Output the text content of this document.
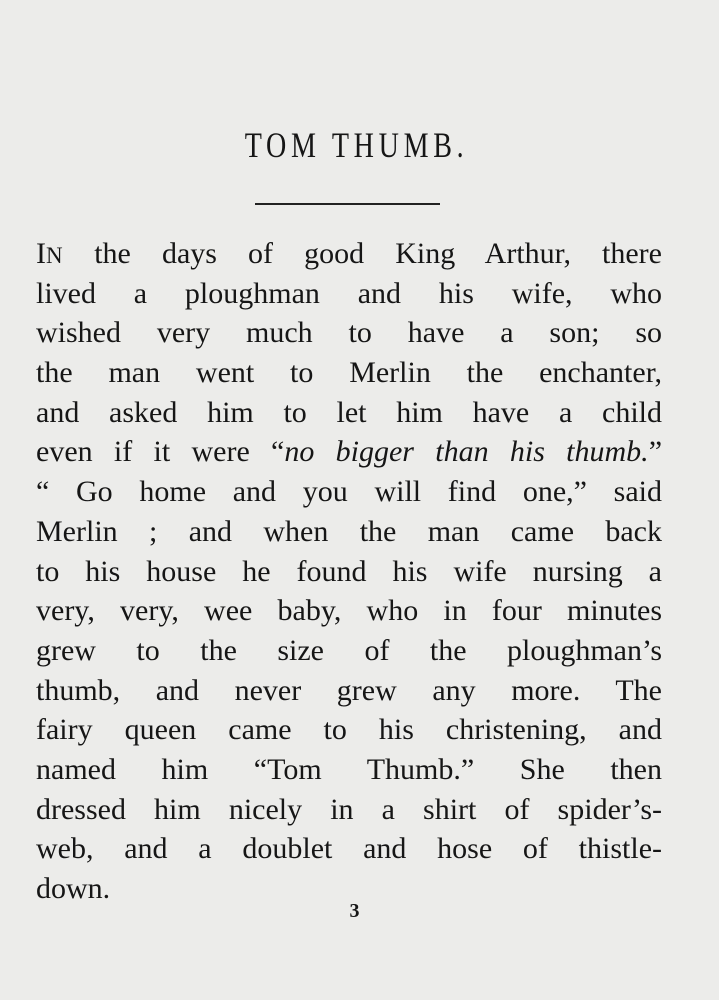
TOM THUMB.
IN the days of good King Arthur, there
lived a ploughman and his wife, who
wished very much to have a son; so
the man went to Merlin the enchanter,
and asked him to let him have a child
even if it were “no bigger than his thumb.”
“ Go home and you will find one,” said
Merlin ; and when the man came back
to his house he found his wife nursing a
very, very, wee baby, who in four minutes
grew to the size of the ploughman’s
thumb, and never grew any more. The
fairy queen came to his christening, and
named him “Tom Thumb.” She then
dressed him nicely in a shirt of spider’s-
web, and a doublet and hose of thistle-
down.
3
